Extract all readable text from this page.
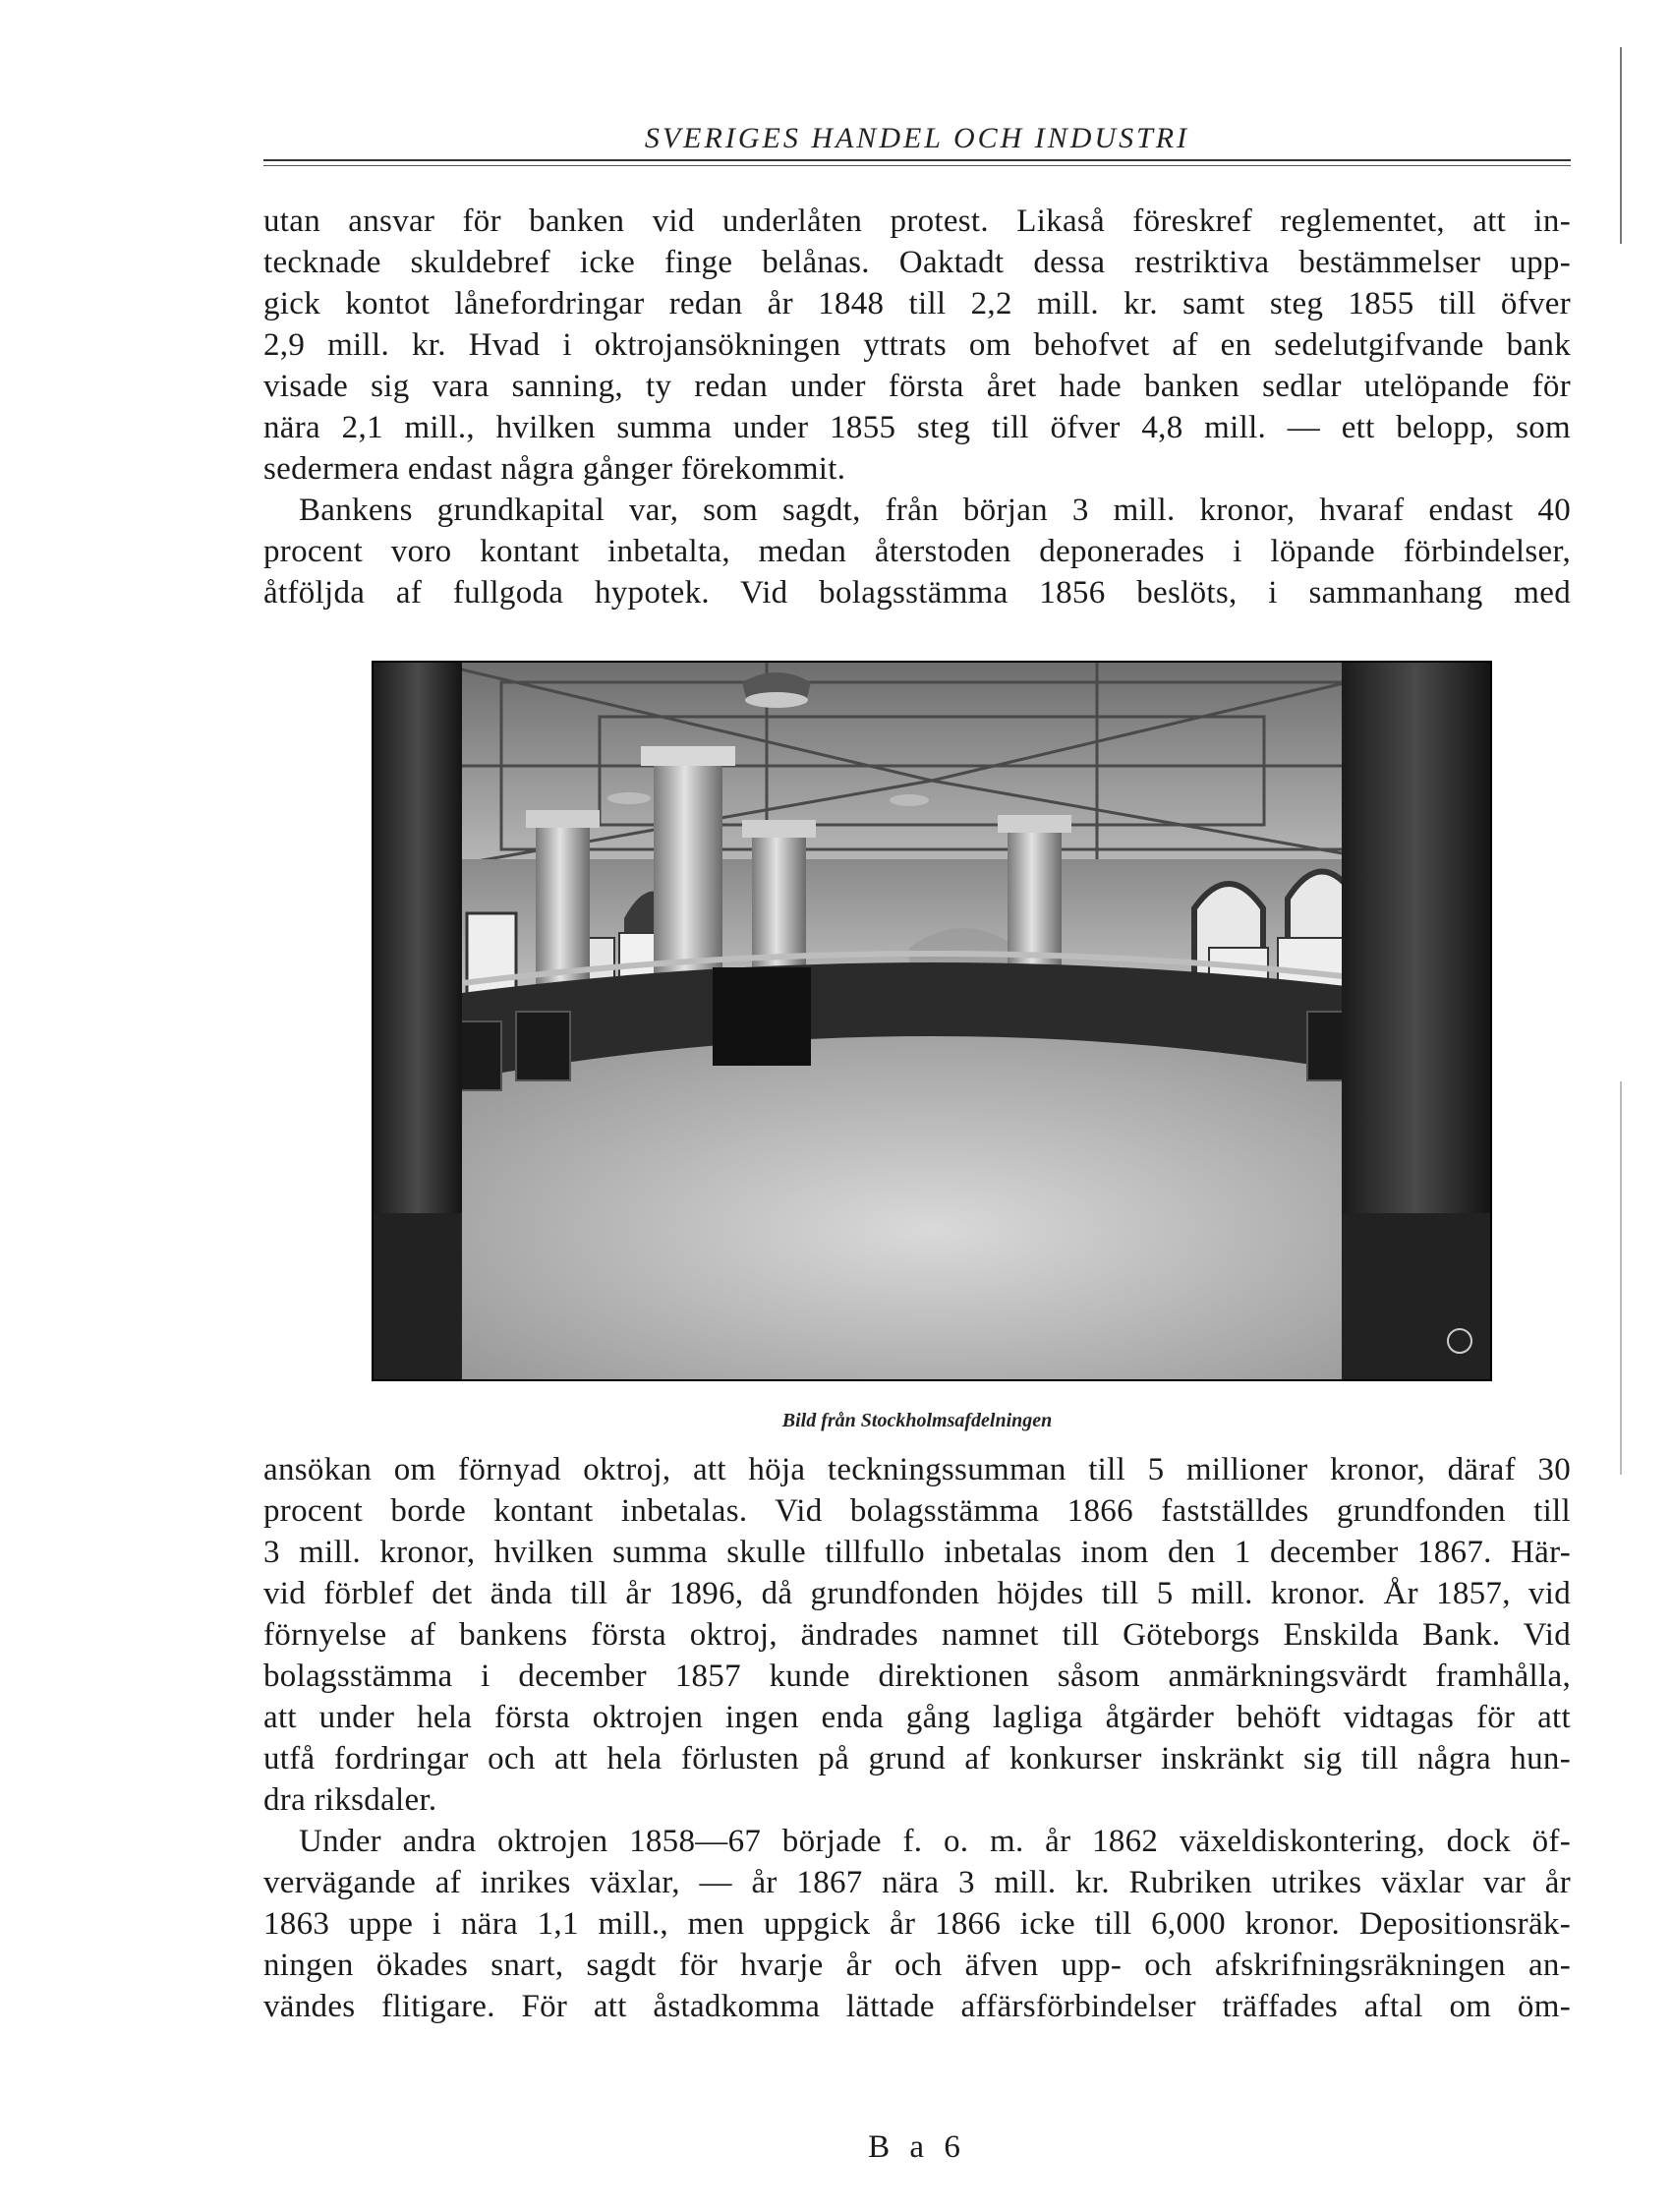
SVERIGES HANDEL OCH INDUSTRI
utan ansvar för banken vid underlåten protest. Likaså föreskref reglementet, att in-
tecknade skuldebref icke finge belånas. Oaktadt dessa restriktiva bestämmelser upp-
gick kontot lånefordringar redan år 1848 till 2,2 mill. kr. samt steg 1855 till öfver
2,9 mill. kr. Hvad i oktrojansökningen yttrats om behofvet af en sedelutgifvande bank
visade sig vara sanning, ty redan under första året hade banken sedlar utelöpande för
nära 2,1 mill., hvilken summa under 1855 steg till öfver 4,8 mill. — ett belopp, som
sedermera endast några gånger förekommit.
Bankens grundkapital var, som sagdt, från början 3 mill. kronor, hvaraf endast 40
procent voro kontant inbetalta, medan återstoden deponerades i löpande förbindelser,
åtföljda af fullgoda hypotek. Vid bolagsstämma 1856 beslöts, i sammanhang med
Bild från Stockholmsafdelningen
ansökan om förnyad oktroj, att höja teckningssumman till 5 millioner kronor, däraf 30
procent borde kontant inbetalas. Vid bolagsstämma 1866 fastställdes grundfonden till
3 mill. kronor, hvilken summa skulle tillfullo inbetalas inom den 1 december 1867. Här-
vid förblef det ända till år 1896, då grundfonden höjdes till 5 mill. kronor. År 1857, vid
förnyelse af bankens första oktroj, ändrades namnet till Göteborgs Enskilda Bank. Vid
bolagsstämma i december 1857 kunde direktionen såsom anmärkningsvärdt framhålla,
att under hela första oktrojen ingen enda gång lagliga åtgärder behöft vidtagas för att
utfå fordringar och att hela förlusten på grund af konkurser inskränkt sig till några hun-
dra riksdaler.
Under andra oktrojen 1858—67 började f. o. m. år 1862 växeldiskontering, dock öf-
vervägande af inrikes växlar, — år 1867 nära 3 mill. kr. Rubriken utrikes växlar var år
1863 uppe i nära 1,1 mill., men uppgick år 1866 icke till 6,000 kronor. Depositionsräk-
ningen ökades snart, sagdt för hvarje år och äfven upp- och afskrifningsräkningen an-
vändes flitigare. För att åstadkomma lättade affärsförbindelser träffades aftal om öm-
B a 6
